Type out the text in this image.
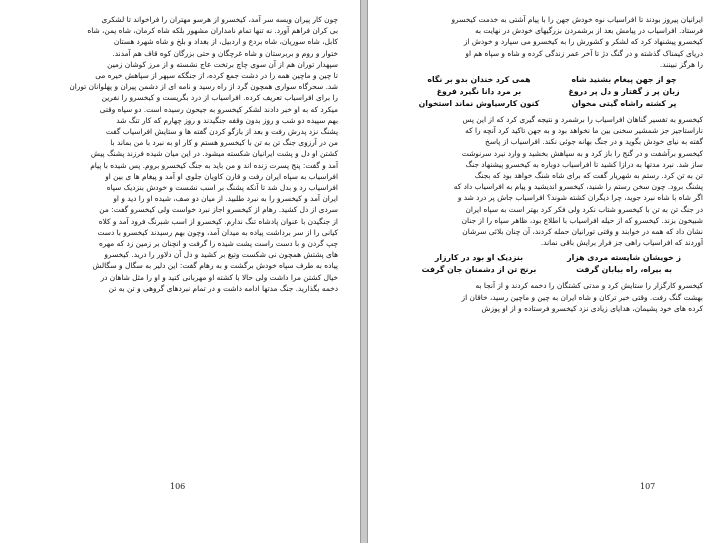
چون کار پیران ویسه سر آمد، کیخسرو از هرسو مهتران را فراخواند تا لشکری
بی کران فراهم آورد. نه تنها تمام نامداران مشهور بلکه شاه کرمان، شاه یمن، شاه
کابل، شاه سوریان، شاه بردع و اردبیل، از بغداد و بلخ و شاه شهرد هستان
ختوار و روم و بربرستان و شاه غرچگان و حتی بزرگان کوه قاف هم آمدند.
سپهدار توران هم از آن سوی چاچ برتخت عاج نشسته و از مرز کوشان زمین
تا چین و ماچین همه را در دشت جمع کرده، از جنگکه سپهر از سپاهش خیره می
شد. سحرگاه سواری همچون گرد از راه رسید و نامه ای از دشمن پیران و پهلوانان توران
را برای افراسیاب تعریف کرده. افراسیاب از درد بگریست و کیخسرو را نفرین
میکرد که به او خبر دادند لشکر کیخسرو به جیحون رسیده است. دو سپاه وقتی
بهم سپیده دو شب و روز بدون وقفه جنگیدند و روز چهارم که کار تنگ شد
پشنگ نزد پدرش رفت و بعد از بازگو کردن گفته ها و ستایش افراسیاب گفت
من در آرزوی جنگ تن به تن با کیخسرو هستم و کار او به نبرد با من بماند با
کشتن او دل و پشت ایرانیان شکسته میشود. در این میان شیده فرزند پشنگ پیش
آمد و گفت: پنج پسرت زنده اند و من باید به جنگ کیخسرو بروم. پس شیده با پیام
افراسیاب به سپاه ایران رفت و قارن کاویان جلوی او آمد و پیغام ها ی بین او
افراسیاب رد و بدل شد تا آنکه پشنگ بر اسب نشست و خودش بنزدیک سپاه
ایران آمد و کیخسرو را به نبرد طلبید. از میان دو صف، شیده او را دید و او
سردی از دل کشید. رهام از کیخسرو اجاز نبرد خواست ولی کیخسرو گفت: من
از جنگیدن با عنوان پادشاه تنگ ندارم. کیخسرو از اسب شبرنگ فرود آمد و کلاه
کیانی را از سر برداشت پیاده به میدان آمد، وچون بهم رسیدند کیخسرو با دست
چپ گردن و با دست راست پشت شیده را گرفت و انچنان بر زمین زد که مهره
های پشتش همچون نی شکست وتیغ بر کشید و دل آن دلاور را درید. کیخسرو
پیاده به طرف سپاه خودش برگشت و به رهام گفت: این دلیر به سگال و سگالش
خیال کشتن مرا داشت ولی حالا با کشته او مهربانی کنید و او را مثل شاهان در
دخمه بگذارید. جنگ مدتها ادامه داشت و در تمام نبردهای گروهی و تن به تن
106
ایرانیان پیروز بودند تا افراسیاب نوه خودش جهن را با پیام آشتی به خدمت کیخسرو
فرستاد. افراسیاب در پیامش بعد از برشمردن بزرگیهای خودش در نهایت به
کیخسرو پیشنهاد کرد که لشکر و کشورش را به کیخسرو می سپارد و خودش از
دریای کیمناک گذشته و در گنگ دژ تا آخر عمر زندگی کرده و شاه و سپاه هم او
را هرگز نبینند.
چو از جهن پیغام بشنید شاه
همی کرد خندان بدو بر نگاه
زبان پر ز گفتار و دل پر دروغ
بر مرد دانا نگیرد فروغ
پر کشته راشاه گیتی مخوان
کنون کارسیاوش نماند استخوان
کیخسرو به تفسیر گناهان افراسیاب را برشمرد و نتیجه گیری کرد که از این پس
ناراستاجیز جز شمشیر سخنی بین ما نخواهد بود و به جهن تاکید کرد آنچه را که
گفته به نیای خودش بگوید و در جنگ بهانه جوئی نکند. افراسیاب از پاسخ
کیخسرو برآشفت و در گنج را باز کرد و به سپاهش بخشید و وارد نبرد سرنوشت
ساز شد. نبرد مدتها به درازا کشید تا افراسیاب دوباره به کیخسرو پیشنهاد جنگ
تن به تن کرد. رستم به شهریار گفت که برای شاه شنگ خواهد بود که بجنگ
پشنگ برود. چون سخن رستم را شنید، کیخسرو اندیشید و پیام به افراسیاب داد که
اگر شاه با شاه نبرد جوید، چرا دیگران کشته شوند؟ افراسیاب جاش پر درد شد و
در جنگ تن به تن با کیخسرو شتاب نکرد ولی فکر کرد بهتر است به سپاه ایران
شبیخون بزند. کیخسرو که از حیله افراسیاب با اطلاع بود، ظاهر سپاه را از جنان
نشان داد که همه در خوابند و وقتی تورانیان حمله کردند، آن چنان بلائی سرشان
آوردند که افراسیاب راهی جز فرار برایش باقی نماند.
ز خویشان شایسته مردی هزار
بنزدیک او بود در کارزار
به بیراه، راه بیابان گرفت
برنج تن از دشمنان جان گرفت
کیخسرو کارگزار را ستایش کرد و مدتی کشتگان را دخمه کردند و از آنجا به
بهشت گنگ رفت. وقتی خبر ترکان و شاه ایران به چین و ماچین رسید، خاقان از
کرده های خود پشیمان، هدایای زیادی نزد کیخسرو فرستاده و از او پوزش
107
